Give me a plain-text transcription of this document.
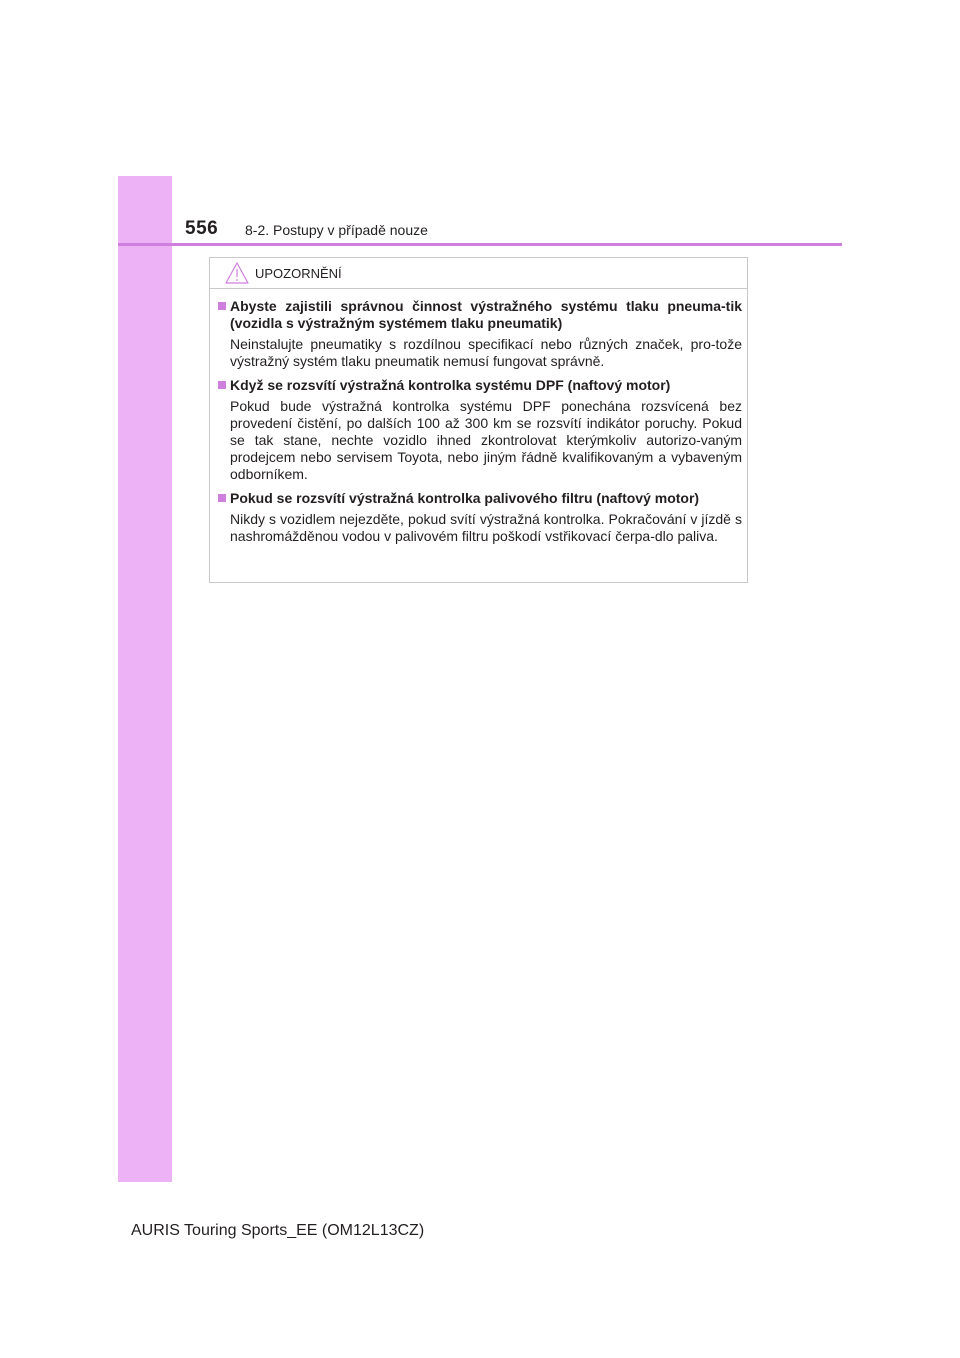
556 8-2. Postupy v případě nouze
UPOZORNĚNÍ
Abyste zajistili správnou činnost výstražného systému tlaku pneuma-tik (vozidla s výstražným systémem tlaku pneumatik)
Neinstalujte pneumatiky s rozdílnou specifikací nebo různých značek, pro-tože výstražný systém tlaku pneumatik nemusí fungovat správně.
Když se rozsvítí výstražná kontrolka systému DPF (naftový motor)
Pokud bude výstražná kontrolka systému DPF ponechána rozsvícená bez provedení čistění, po dalších 100 až 300 km se rozsvítí indikátor poruchy. Pokud se tak stane, nechte vozidlo ihned zkontrolovat kterýmkoliv autorizo-vaným prodejcem nebo servisem Toyota, nebo jiným řádně kvalifikovaným a vybaveným odborníkem.
Pokud se rozsvítí výstražná kontrolka palivového filtru (naftový motor)
Nikdy s vozidlem nejezděte, pokud svítí výstražná kontrolka. Pokračování v jízdě s nashromážděnou vodou v palivovém filtru poškodí vstřikovací čerpa-dlo paliva.
AURIS Touring Sports_EE (OM12L13CZ)
